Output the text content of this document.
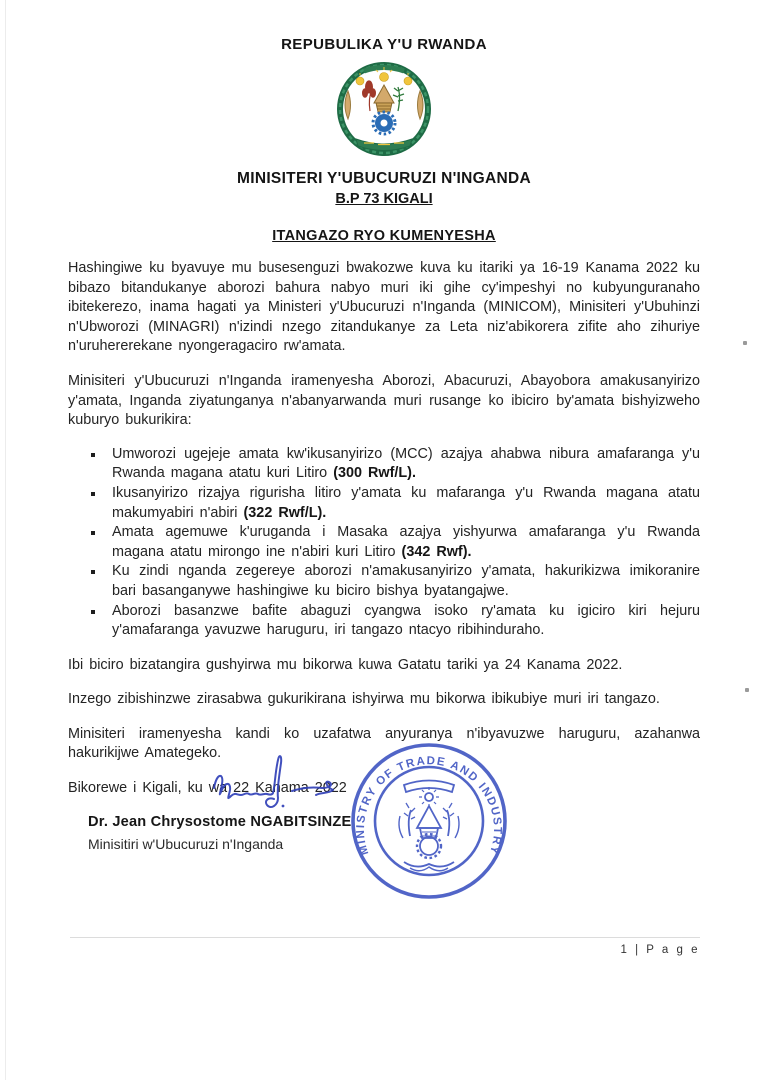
REPUBULIKA Y'U RWANDA
MINISITERI Y'UBUCURUZI N'INGANDA
B.P 73 KIGALI
ITANGAZO RYO KUMENYESHA

Hashingiwe ku byavuye mu busesenguzi bwakozwe kuva ku itariki ya 16-19 Kanama 2022 ku bibazo bitandukanye aborozi bahura nabyo muri iki gihe cy'impeshyi no kubyunguranaho ibitekerezo, inama hagati ya Ministeri y'Ubucuruzi n'Inganda (MINICOM), Minisiteri y'Ubuhinzi n'Ubworozi (MINAGRI) n'izindi nzego zitandukanye za Leta niz'abikorera zifite aho zihuriye n'uruhererekane nyongeragaciro rw'amata.

Minisiteri y'Ubucuruzi n'Inganda iramenyesha Aborozi, Abacuruzi, Abayobora amakusanyirizo y'amata, Inganda ziyatunganya n'abanyarwanda muri rusange ko ibiciro by'amata bishyizweho kuburyo bukurikira:

Umworozi ugejeje amata kw'ikusanyirizo (MCC) azajya ahabwa nibura amafaranga y'u Rwanda magana atatu kuri Litiro (300 Rwf/L).
Ikusanyirizo rizajya rigurisha litiro y'amata ku mafaranga y'u Rwanda magana atatu makumyabiri n'abiri (322 Rwf/L).
Amata agemuwe k'uruganda i Masaka azajya yishyurwa amafaranga y'u Rwanda magana atatu mirongo ine n'abiri kuri Litiro (342 Rwf).
Ku zindi nganda zegereye aborozi n'amakusanyirizo y'amata, hakurikizwa imikoranire bari basanganywe hashingiwe ku biciro bishya byatangajwe.
Aborozi basanzwe bafite abaguzi cyangwa isoko ry'amata ku igiciro kiri hejuru y'amafaranga yavuzwe haruguru, iri tangazo ntacyo ribihinduraho.

Ibi biciro bizatangira gushyirwa mu bikorwa kuwa Gatatu tariki ya 24 Kanama 2022.

Inzego zibishinzwe zirasabwa gukurikirana ishyirwa mu bikorwa ibikubiye muri iri tangazo.

Minisiteri iramenyesha kandi ko uzafatwa anyuranya n'ibyavuzwe haruguru, azahanwa hakurikijwe Amategeko.

Bikorewe i Kigali, ku wa 22 Kanama 2022

MINISTRY OF TRADE AND INDUSTRY
Dr. Jean Chrysostome NGABITSINZE
Minisitiri w'Ubucuruzi n'Inganda
1 | P a g e
